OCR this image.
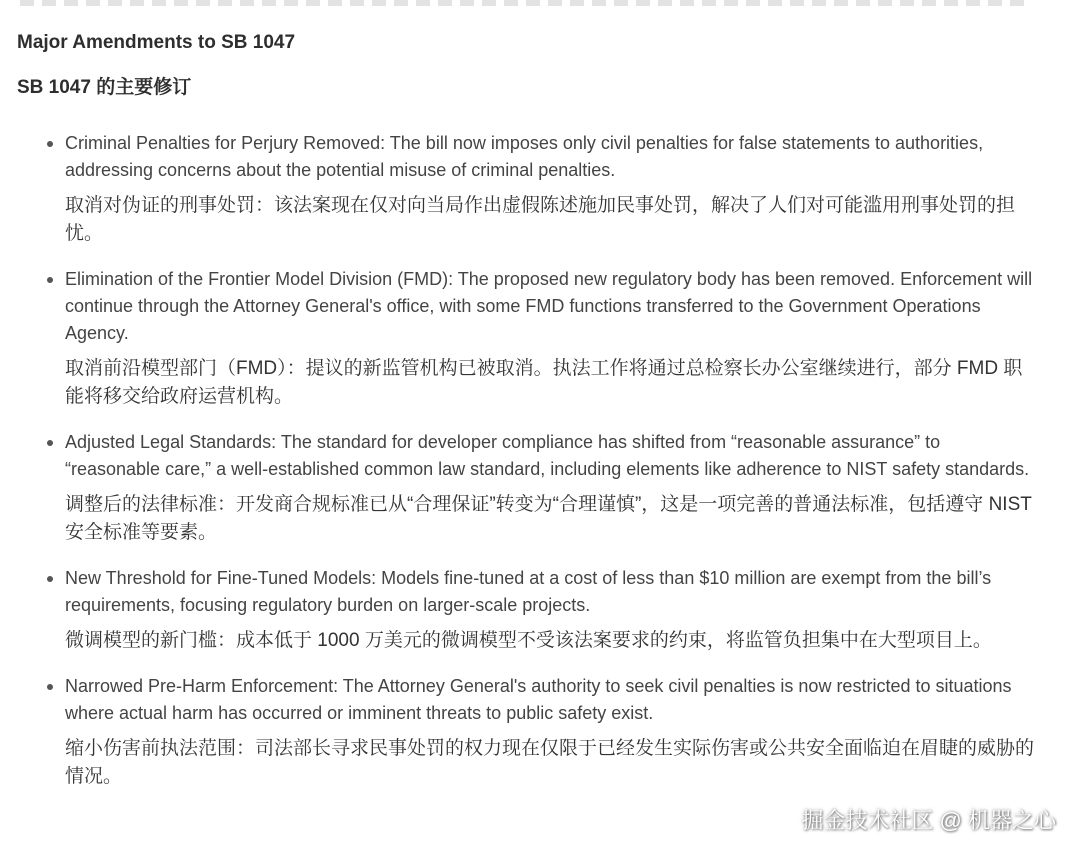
Major Amendments to SB 1047
SB 1047 的主要修订

Criminal Penalties for Perjury Removed: The bill now imposes only civil penalties for false statements to authorities, addressing concerns about the potential misuse of criminal penalties.

取消对伪证的刑事处罚：该法案现在仅对向当局作出虚假陈述施加民事处罚，解决了人们对可能滥用刑事处罚的担忧。

Elimination of the Frontier Model Division (FMD): The proposed new regulatory body has been removed. Enforcement will continue through the Attorney General's office, with some FMD functions transferred to the Government Operations Agency.

取消前沿模型部门（FMD）：提议的新监管机构已被取消。执法工作将通过总检察长办公室继续进行，部分 FMD 职能将移交给政府运营机构。

Adjusted Legal Standards: The standard for developer compliance has shifted from “reasonable assurance” to “reasonable care,” a well-established common law standard, including elements like adherence to NIST safety standards.

调整后的法律标准：开发商合规标准已从“合理保证”转变为“合理谨慎”，这是一项完善的普通法标准，包括遵守 NIST 安全标准等要素。

New Threshold for Fine-Tuned Models: Models fine-tuned at a cost of less than $10 million are exempt from the bill’s requirements, focusing regulatory burden on larger-scale projects.

微调模型的新门槛：成本低于 1000 万美元的微调模型不受该法案要求的约束，将监管负担集中在大型项目上。

Narrowed Pre-Harm Enforcement: The Attorney General's authority to seek civil penalties is now restricted to situations where actual harm has occurred or imminent threats to public safety exist.

缩小伤害前执法范围：司法部长寻求民事处罚的权力现在仅限于已经发生实际伤害或公共安全面临迫在眉睫的威胁的情况。

掘金技术社区 @ 机器之心
